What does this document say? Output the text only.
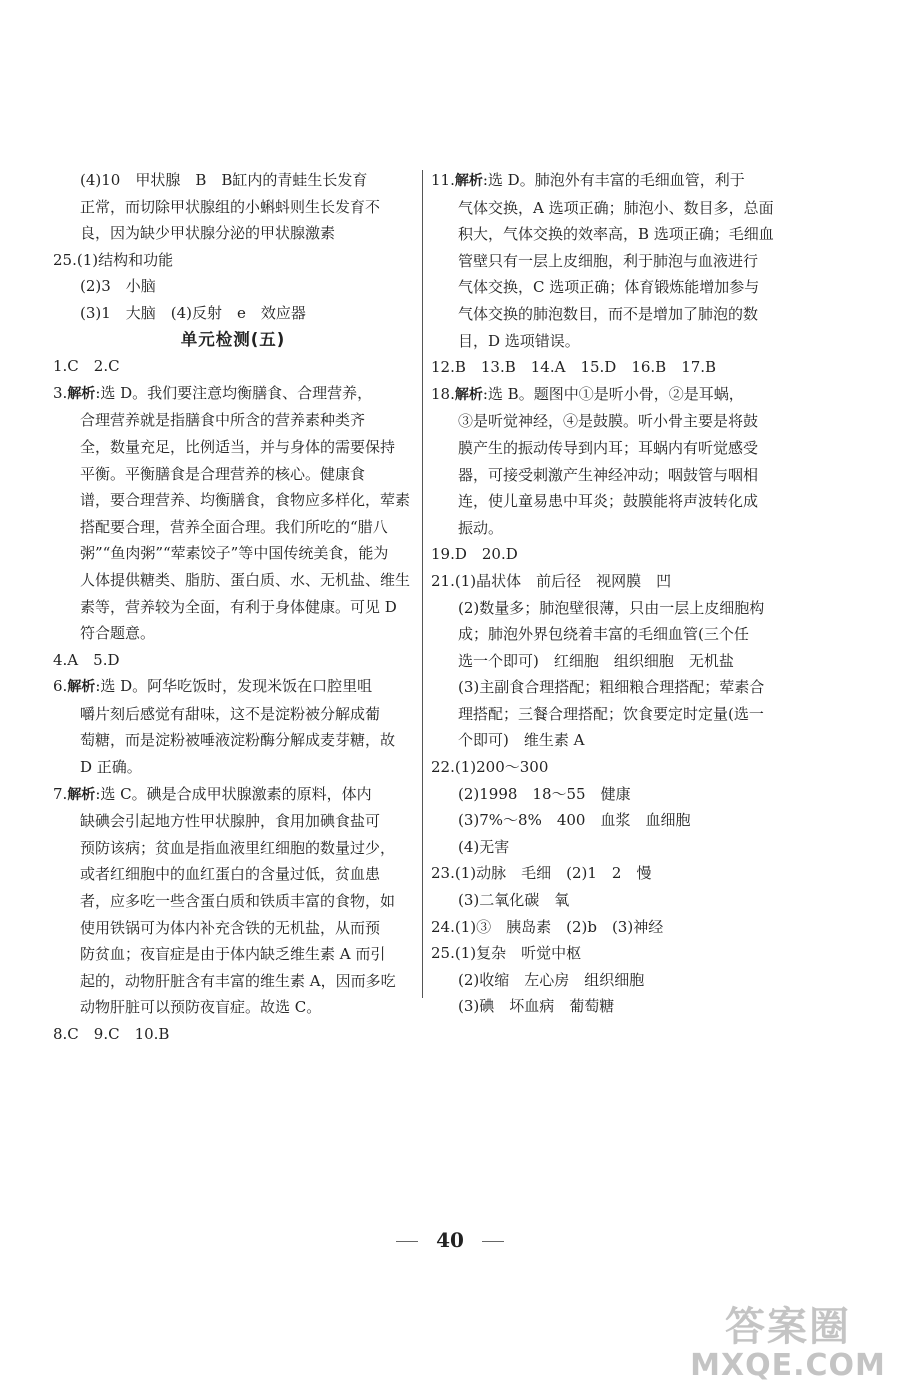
(4)10　甲状腺　B　B缸内的青蛙生长发育
正常，而切除甲状腺组的小蝌蚪则生长发育不
良，因为缺少甲状腺分泌的甲状腺激素
25.(1)结构和功能
(2)3　小脑
(3)1　大脑　(4)反射　e　效应器
单元检测(五)
1.C　2.C
3.解析:选 D。我们要注意均衡膳食、合理营养，
合理营养就是指膳食中所含的营养素种类齐
全，数量充足，比例适当，并与身体的需要保持
平衡。平衡膳食是合理营养的核心。健康食
谱，要合理营养、均衡膳食，食物应多样化，荤素
搭配要合理，营养全面合理。我们所吃的“腊八
粥”“鱼肉粥”“荤素饺子”等中国传统美食，能为
人体提供糖类、脂肪、蛋白质、水、无机盐、维生
素等，营养较为全面，有利于身体健康。可见 D
符合题意。
4.A　5.D
6.解析:选 D。阿华吃饭时，发现米饭在口腔里咀
嚼片刻后感觉有甜味，这不是淀粉被分解成葡
萄糖，而是淀粉被唾液淀粉酶分解成麦芽糖，故
D 正确。
7.解析:选 C。碘是合成甲状腺激素的原料，体内
缺碘会引起地方性甲状腺肿，食用加碘食盐可
预防该病；贫血是指血液里红细胞的数量过少，
或者红细胞中的血红蛋白的含量过低，贫血患
者，应多吃一些含蛋白质和铁质丰富的食物，如
使用铁锅可为体内补充含铁的无机盐，从而预
防贫血；夜盲症是由于体内缺乏维生素 A 而引
起的，动物肝脏含有丰富的维生素 A，因而多吃
动物肝脏可以预防夜盲症。故选 C。
8.C　9.C　10.B
11.解析:选 D。肺泡外有丰富的毛细血管，利于
气体交换，A 选项正确；肺泡小、数目多，总面
积大，气体交换的效率高，B 选项正确；毛细血
管壁只有一层上皮细胞，利于肺泡与血液进行
气体交换，C 选项正确；体育锻炼能增加参与
气体交换的肺泡数目，而不是增加了肺泡的数
目，D 选项错误。
12.B　13.B　14.A　15.D　16.B　17.B
18.解析:选 B。题图中①是听小骨，②是耳蜗，
③是听觉神经，④是鼓膜。听小骨主要是将鼓
膜产生的振动传导到内耳；耳蜗内有听觉感受
器，可接受刺激产生神经冲动；咽鼓管与咽相
连，使儿童易患中耳炎；鼓膜能将声波转化成
振动。
19.D　20.D
21.(1)晶状体　前后径　视网膜　凹
(2)数量多；肺泡壁很薄，只由一层上皮细胞构
成；肺泡外界包绕着丰富的毛细血管(三个任
选一个即可)　红细胞　组织细胞　无机盐
(3)主副食合理搭配；粗细粮合理搭配；荤素合
理搭配；三餐合理搭配；饮食要定时定量(选一
个即可)　维生素 A
22.(1)200～300
(2)1998　18～55　健康
(3)7%～8%　400　血浆　血细胞
(4)无害
23.(1)动脉　毛细　(2)1　2　慢
(3)二氧化碳　氧
24.(1)③　胰岛素　(2)b　(3)神经
25.(1)复杂　听觉中枢
(2)收缩　左心房　组织细胞
(3)碘　坏血病　葡萄糖
40
答案圈
MXQE.COM
